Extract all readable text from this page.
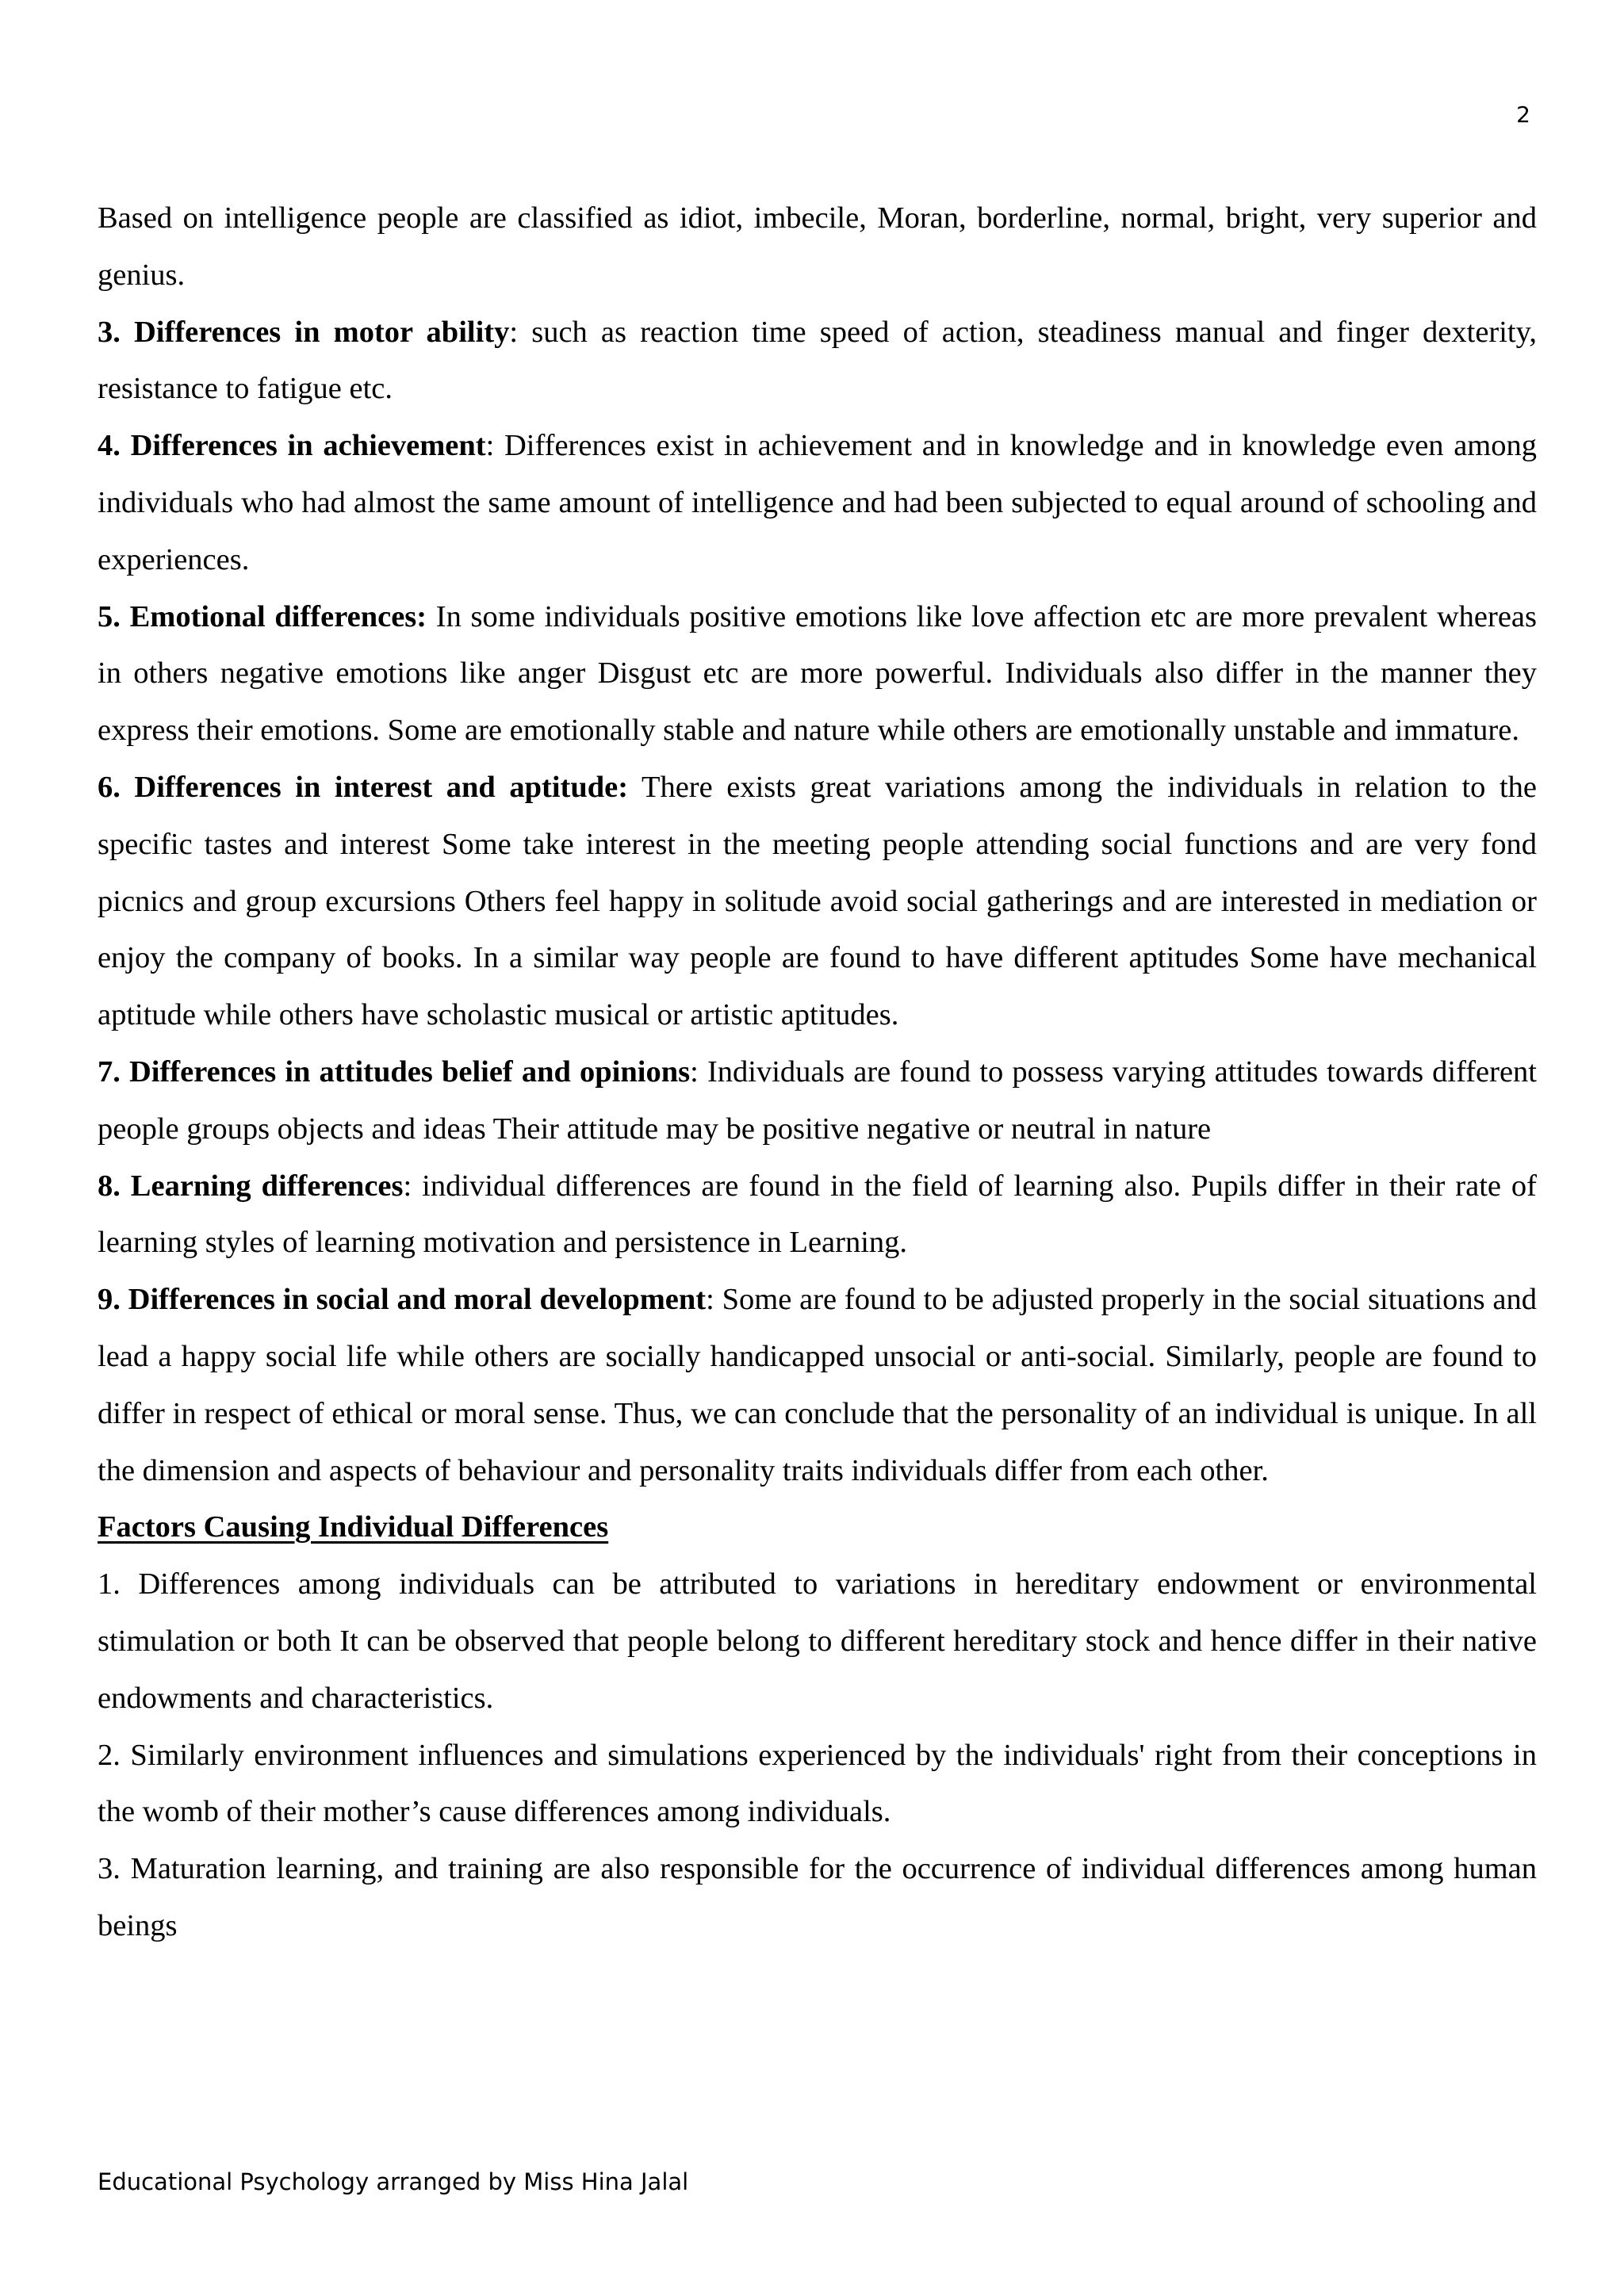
2

Based on intelligence people are classified as idiot, imbecile, Moran, borderline, normal, bright, very superior and genius.

3. Differences in motor ability: such as reaction time speed of action, steadiness manual and finger dexterity, resistance to fatigue etc.

4. Differences in achievement: Differences exist in achievement and in knowledge and in knowledge even among individuals who had almost the same amount of intelligence and had been subjected to equal around of schooling and experiences.

5. Emotional differences: In some individuals positive emotions like love affection etc are more prevalent whereas in others negative emotions like anger Disgust etc are more powerful. Individuals also differ in the manner they express their emotions. Some are emotionally stable and nature while others are emotionally unstable and immature.

6. Differences in interest and aptitude: There exists great variations among the individuals in relation to the specific tastes and interest Some take interest in the meeting people attending social functions and are very fond picnics and group excursions Others feel happy in solitude avoid social gatherings and are interested in mediation or enjoy the company of books. In a similar way people are found to have different aptitudes Some have mechanical aptitude while others have scholastic musical or artistic aptitudes.

7. Differences in attitudes belief and opinions: Individuals are found to possess varying attitudes towards different people groups objects and ideas Their attitude may be positive negative or neutral in nature

8. Learning differences: individual differences are found in the field of learning also. Pupils differ in their rate of learning styles of learning motivation and persistence in Learning.

9. Differences in social and moral development: Some are found to be adjusted properly in the social situations and lead a happy social life while others are socially handicapped unsocial or anti-social. Similarly, people are found to differ in respect of ethical or moral sense. Thus, we can conclude that the personality of an individual is unique. In all the dimension and aspects of behaviour and personality traits individuals differ from each other.

Factors Causing Individual Differences

1. Differences among individuals can be attributed to variations in hereditary endowment or environmental stimulation or both It can be observed that people belong to different hereditary stock and hence differ in their native endowments and characteristics.

2. Similarly environment influences and simulations experienced by the individuals' right from their conceptions in the womb of their mother’s cause differences among individuals.

3. Maturation learning, and training are also responsible for the occurrence of individual differences among human beings

Educational Psychology arranged by Miss Hina Jalal
